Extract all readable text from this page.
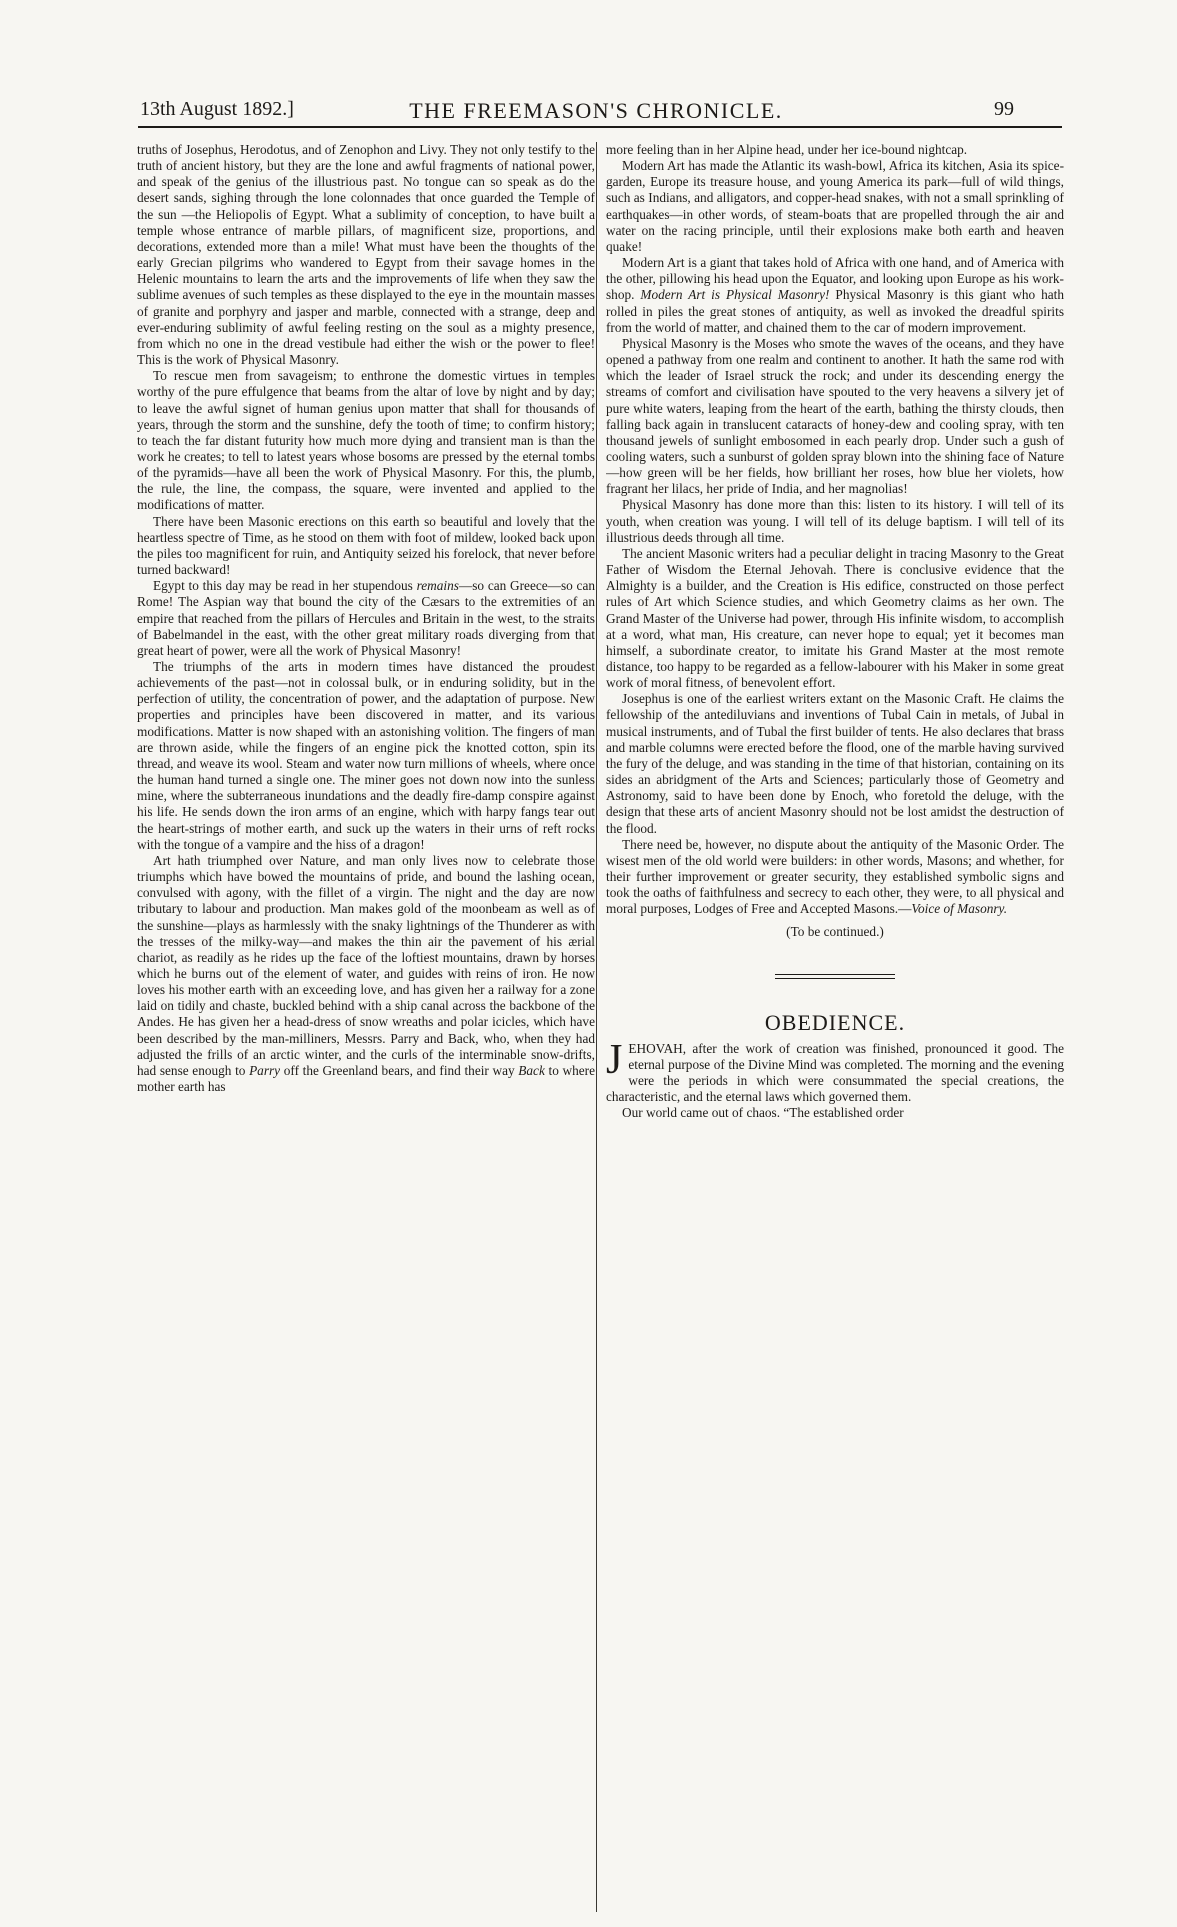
13th August 1892.]	THE FREEMASON'S CHRONICLE.	99

truths of Josephus, Herodotus, and of Zenophon and Livy. They not only testify to the truth of ancient history, but they are the lone and awful fragments of national power, and speak of the genius of the illustrious past. No tongue can so speak as do the desert sands, sighing through the lone colonnades that once guarded the Temple of the sun —the Heliopolis of Egypt. What a sublimity of conception, to have built a temple whose entrance of marble pillars, of magnificent size, proportions, and decorations, extended more than a mile! What must have been the thoughts of the early Grecian pilgrims who wandered to Egypt from their savage homes in the Helenic mountains to learn the arts and the improvements of life when they saw the sublime avenues of such temples as these displayed to the eye in the mountain masses of granite and porphyry and jasper and marble, connected with a strange, deep and ever-enduring sublimity of awful feeling resting on the soul as a mighty presence, from which no one in the dread vestibule had either the wish or the power to flee! This is the work of Physical Masonry.

To rescue men from savageism; to enthrone the domestic virtues in temples worthy of the pure effulgence that beams from the altar of love by night and by day; to leave the awful signet of human genius upon matter that shall for thousands of years, through the storm and the sunshine, defy the tooth of time; to confirm history; to teach the far distant futurity how much more dying and transient man is than the work he creates; to tell to latest years whose bosoms are pressed by the eternal tombs of the pyramids—have all been the work of Physical Masonry. For this, the plumb, the rule, the line, the compass, the square, were invented and applied to the modifications of matter.

There have been Masonic erections on this earth so beautiful and lovely that the heartless spectre of Time, as he stood on them with foot of mildew, looked back upon the piles too magnificent for ruin, and Antiquity seized his forelock, that never before turned backward!

Egypt to this day may be read in her stupendous remains—so can Greece—so can Rome! The Aspian way that bound the city of the Cæsars to the extremities of an empire that reached from the pillars of Hercules and Britain in the west, to the straits of Babelmandel in the east, with the other great military roads diverging from that great heart of power, were all the work of Physical Masonry!

The triumphs of the arts in modern times have distanced the proudest achievements of the past—not in colossal bulk, or in enduring solidity, but in the perfection of utility, the concentration of power, and the adaptation of purpose. New properties and principles have been discovered in matter, and its various modifications. Matter is now shaped with an astonishing volition. The fingers of man are thrown aside, while the fingers of an engine pick the knotted cotton, spin its thread, and weave its wool. Steam and water now turn millions of wheels, where once the human hand turned a single one. The miner goes not down now into the sunless mine, where the subterraneous inundations and the deadly fire-damp conspire against his life. He sends down the iron arms of an engine, which with harpy fangs tear out the heart-strings of mother earth, and suck up the waters in their urns of reft rocks with the tongue of a vampire and the hiss of a dragon!

Art hath triumphed over Nature, and man only lives now to celebrate those triumphs which have bowed the mountains of pride, and bound the lashing ocean, convulsed with agony, with the fillet of a virgin. The night and the day are now tributary to labour and production. Man makes gold of the moonbeam as well as of the sunshine—plays as harmlessly with the snaky lightnings of the Thunderer as with the tresses of the milky-way—and makes the thin air the pavement of his ærial chariot, as readily as he rides up the face of the loftiest mountains, drawn by horses which he burns out of the element of water, and guides with reins of iron. He now loves his mother earth with an exceeding love, and has given her a railway for a zone laid on tidily and chaste, buckled behind with a ship canal across the backbone of the Andes. He has given her a head-dress of snow wreaths and polar icicles, which have been described by the man-milliners, Messrs. Parry and Back, who, when they had adjusted the frills of an arctic winter, and the curls of the interminable snow-drifts, had sense enough to Parry off the Greenland bears, and find their way Back to where mother earth has

more feeling than in her Alpine head, under her ice-bound nightcap.

Modern Art has made the Atlantic its wash-bowl, Africa its kitchen, Asia its spice-garden, Europe its treasure house, and young America its park—full of wild things, such as Indians, and alligators, and copper-head snakes, with not a small sprinkling of earthquakes—in other words, of steam-boats that are propelled through the air and water on the racing principle, until their explosions make both earth and heaven quake!

Modern Art is a giant that takes hold of Africa with one hand, and of America with the other, pillowing his head upon the Equator, and looking upon Europe as his work-shop. Modern Art is Physical Masonry! Physical Masonry is this giant who hath rolled in piles the great stones of antiquity, as well as invoked the dreadful spirits from the world of matter, and chained them to the car of modern improvement.

Physical Masonry is the Moses who smote the waves of the oceans, and they have opened a pathway from one realm and continent to another. It hath the same rod with which the leader of Israel struck the rock; and under its descending energy the streams of comfort and civilisation have spouted to the very heavens a silvery jet of pure white waters, leaping from the heart of the earth, bathing the thirsty clouds, then falling back again in translucent cataracts of honey-dew and cooling spray, with ten thousand jewels of sunlight embosomed in each pearly drop. Under such a gush of cooling waters, such a sunburst of golden spray blown into the shining face of Nature—how green will be her fields, how brilliant her roses, how blue her violets, how fragrant her lilacs, her pride of India, and her magnolias!

Physical Masonry has done more than this: listen to its history. I will tell of its youth, when creation was young. I will tell of its deluge baptism. I will tell of its illustrious deeds through all time.

The ancient Masonic writers had a peculiar delight in tracing Masonry to the Great Father of Wisdom the Eternal Jehovah. There is conclusive evidence that the Almighty is a builder, and the Creation is His edifice, constructed on those perfect rules of Art which Science studies, and which Geometry claims as her own. The Grand Master of the Universe had power, through His infinite wisdom, to accomplish at a word, what man, His creature, can never hope to equal; yet it becomes man himself, a subordinate creator, to imitate his Grand Master at the most remote distance, too happy to be regarded as a fellow-labourer with his Maker in some great work of moral fitness, of benevolent effort.

Josephus is one of the earliest writers extant on the Masonic Craft. He claims the fellowship of the antediluvians and inventions of Tubal Cain in metals, of Jubal in musical instruments, and of Tubal the first builder of tents. He also declares that brass and marble columns were erected before the flood, one of the marble having survived the fury of the deluge, and was standing in the time of that historian, containing on its sides an abridgment of the Arts and Sciences; particularly those of Geometry and Astronomy, said to have been done by Enoch, who foretold the deluge, with the design that these arts of ancient Masonry should not be lost amidst the destruction of the flood.

There need be, however, no dispute about the antiquity of the Masonic Order. The wisest men of the old world were builders: in other words, Masons; and whether, for their further improvement or greater security, they established symbolic signs and took the oaths of faithfulness and secrecy to each other, they were, to all physical and moral purposes, Lodges of Free and Accepted Masons.—Voice of Masonry.

(To be continued.)

OBEDIENCE.

JEHOVAH, after the work of creation was finished, pronounced it good. The eternal purpose of the Divine Mind was completed. The morning and the evening were the periods in which were consummated the special creations, the characteristic, and the eternal laws which governed them.

Our world came out of chaos. “The established order
